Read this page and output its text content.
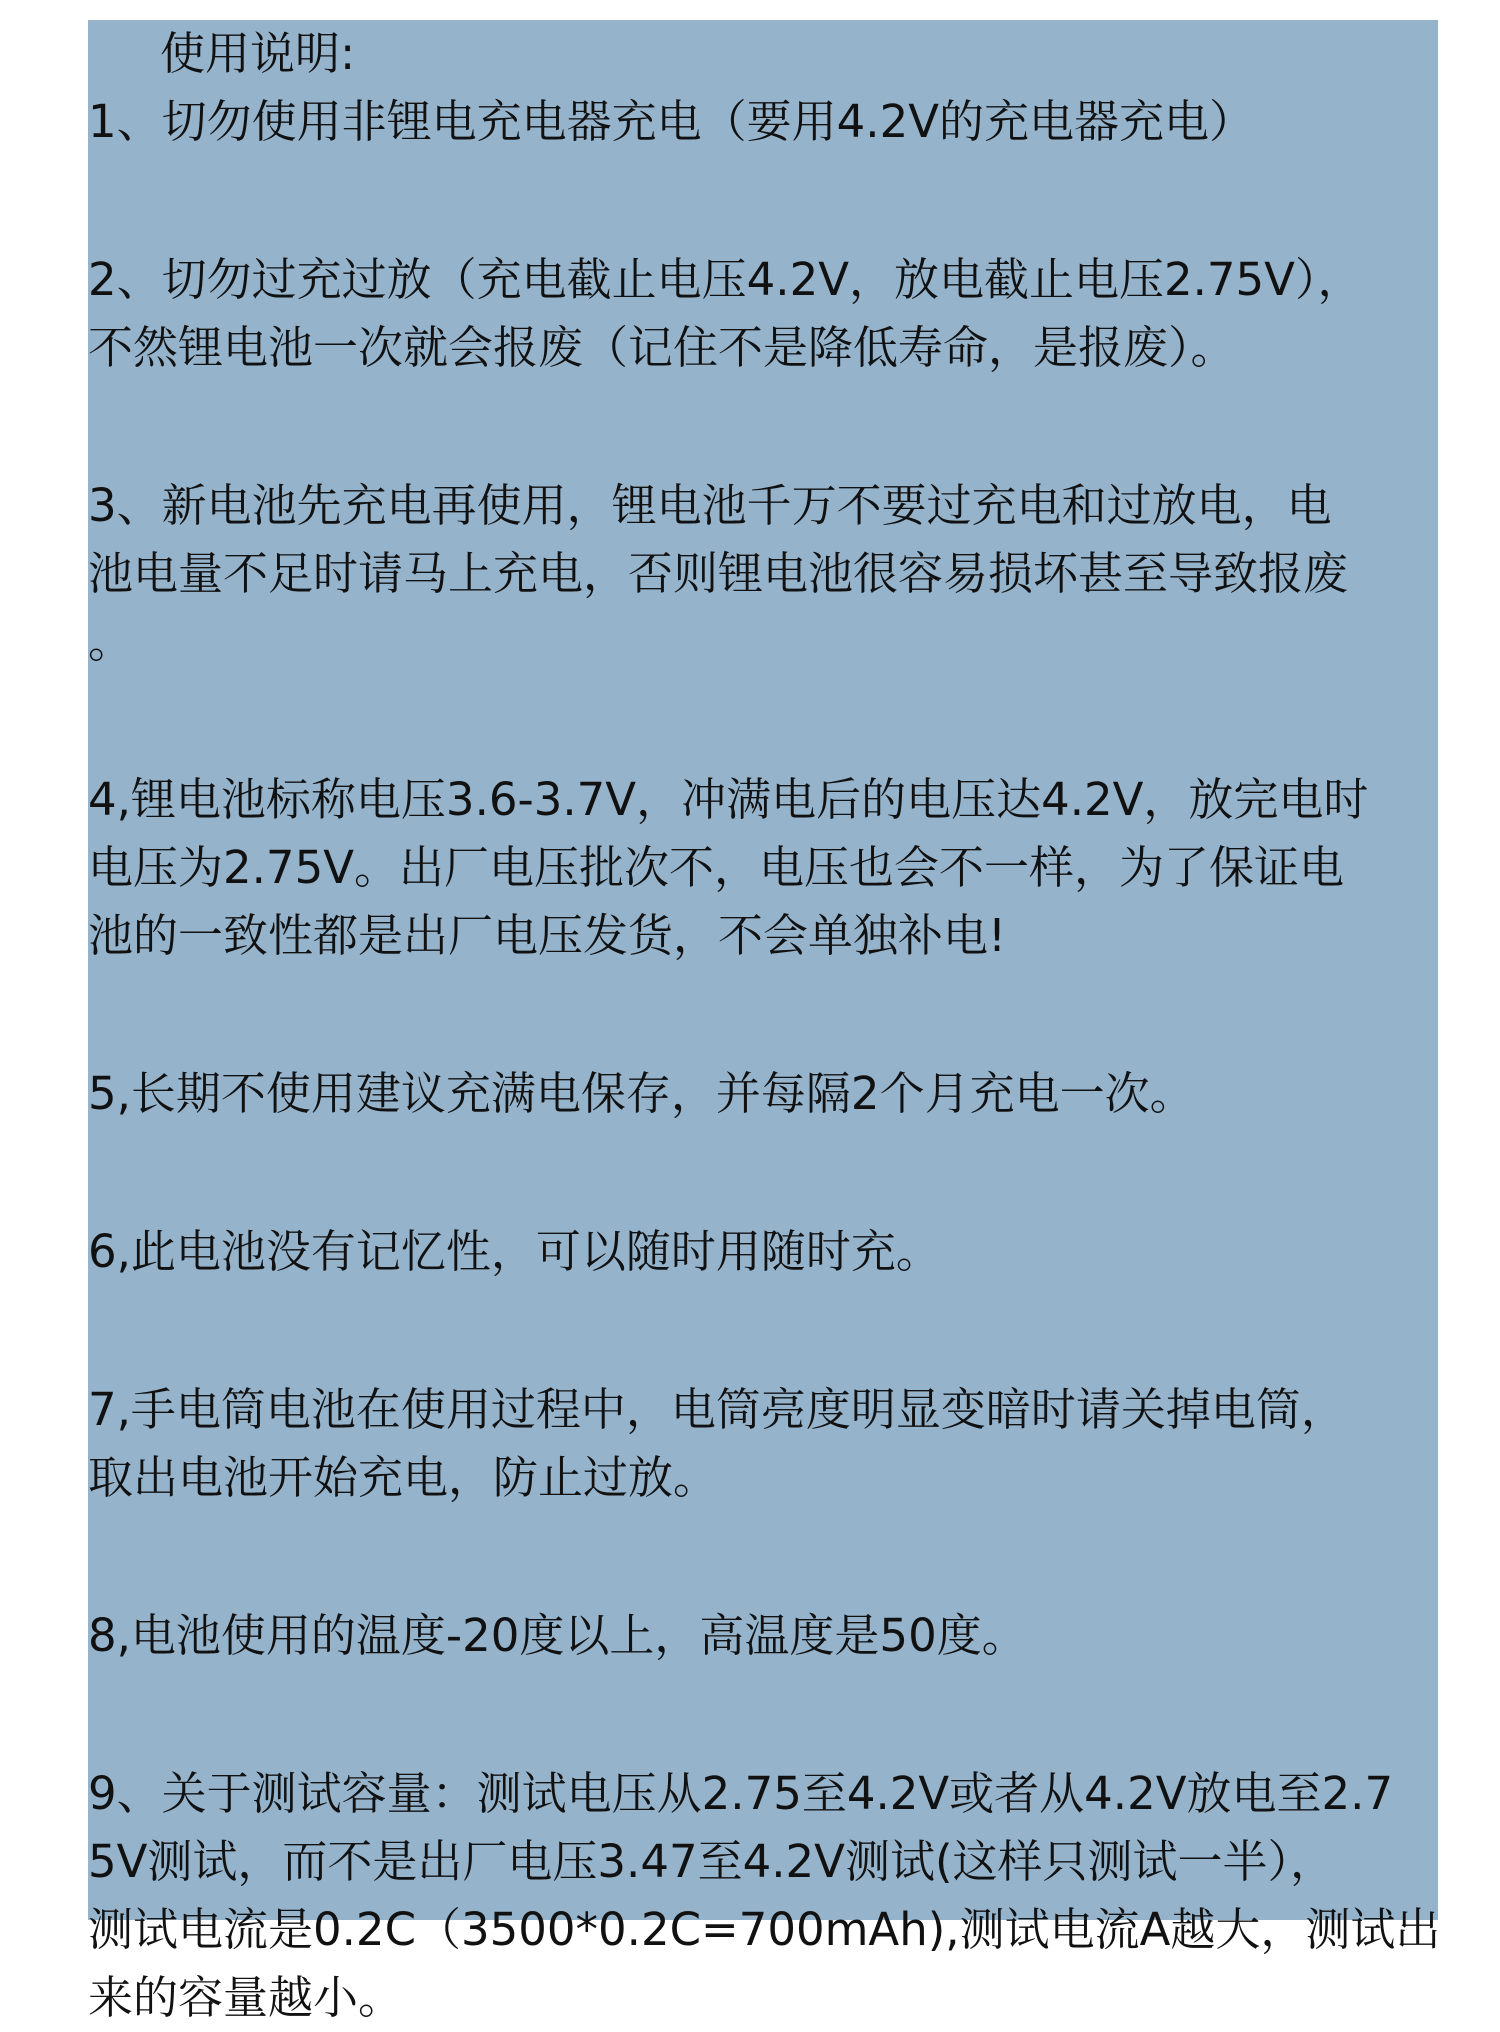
使用说明:
1、切勿使用非锂电充电器充电（要用4.2V的充电器充电）
2、切勿过充过放（充电截止电压4.2V，放电截止电压2.75V），
不然锂电池一次就会报废（记住不是降低寿命，是报废）。
3、新电池先充电再使用，锂电池千万不要过充电和过放电，电
池电量不足时请马上充电，否则锂电池很容易损坏甚至导致报废
。
4,锂电池标称电压3.6-3.7V，冲满电后的电压达4.2V，放完电时
电压为2.75V。出厂电压批次不，电压也会不一样，为了保证电
池的一致性都是出厂电压发货，不会单独补电!
5,长期不使用建议充满电保存，并每隔2个月充电一次。
6,此电池没有记忆性，可以随时用随时充。
7,手电筒电池在使用过程中，电筒亮度明显变暗时请关掉电筒，
取出电池开始充电，防止过放。
8,电池使用的温度-20度以上，高温度是50度。
9、关于测试容量：测试电压从2.75至4.2V或者从4.2V放电至2.7
5V测试，而不是出厂电压3.47至4.2V测试(这样只测试一半），
测试电流是0.2C（3500*0.2C=700mAh),测试电流A越大，测试出
来的容量越小。
